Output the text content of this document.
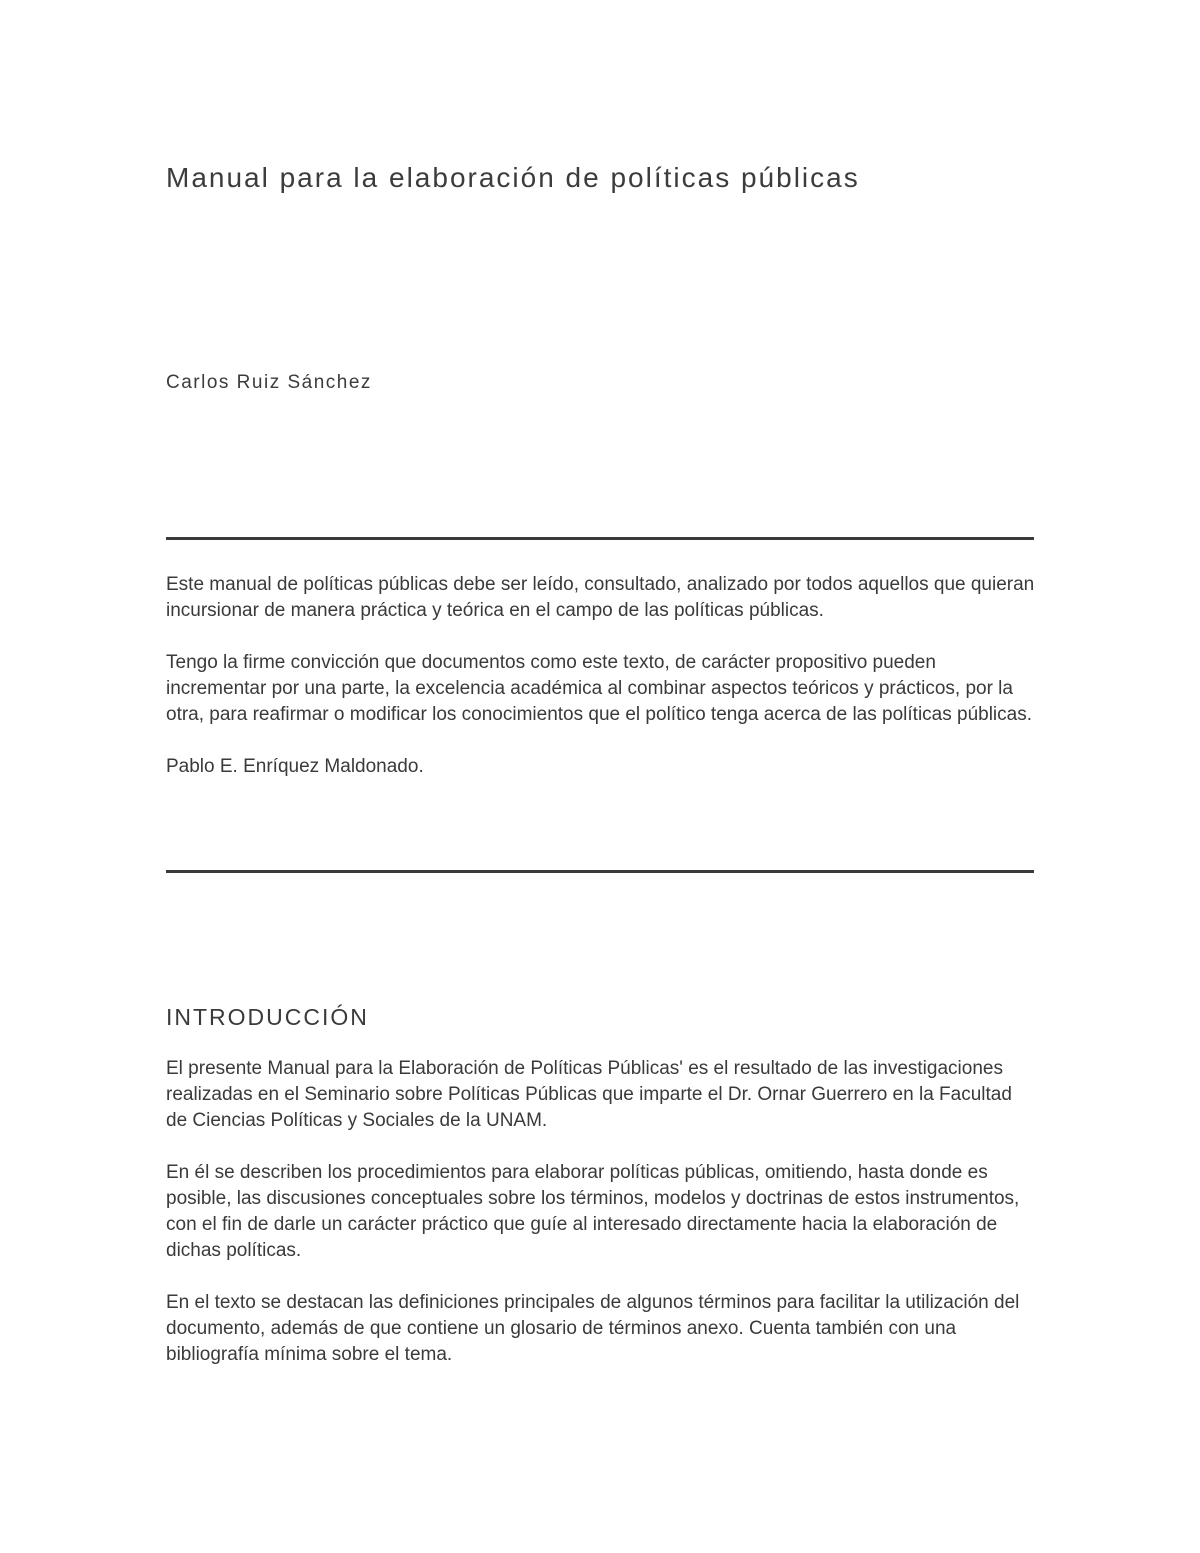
Manual para la elaboración de políticas públicas

Carlos Ruiz Sánchez

Este manual de políticas públicas debe ser leído, consultado, analizado por todos aquellos que quieran incursionar de manera práctica y teórica en el campo de las políticas públicas.

Tengo la firme convicción que documentos como este texto, de carácter propositivo pueden incrementar por una parte, la excelencia académica al combinar aspectos teóricos y prácticos, por la otra, para reafirmar o modificar los conocimientos que el político tenga acerca de las políticas públicas.

Pablo E. Enríquez Maldonado.

INTRODUCCIÓN

El presente Manual para la Elaboración de Políticas Públicas' es el resultado de las investigaciones realizadas en el Seminario sobre Políticas Públicas que imparte el Dr. Ornar Guerrero en la Facultad de Ciencias Políticas y Sociales de la UNAM.

En él se describen los procedimientos para elaborar políticas públicas, omitiendo, hasta donde es posible, las discusiones conceptuales sobre los términos, modelos y doctrinas de estos instrumentos, con el fin de darle un carácter práctico que guíe al interesado directamente hacia la elaboración de dichas políticas.

En el texto se destacan las definiciones principales de algunos términos para facilitar la utilización del documento, además de que contiene un glosario de términos anexo. Cuenta también con una bibliografía mínima sobre el tema.
